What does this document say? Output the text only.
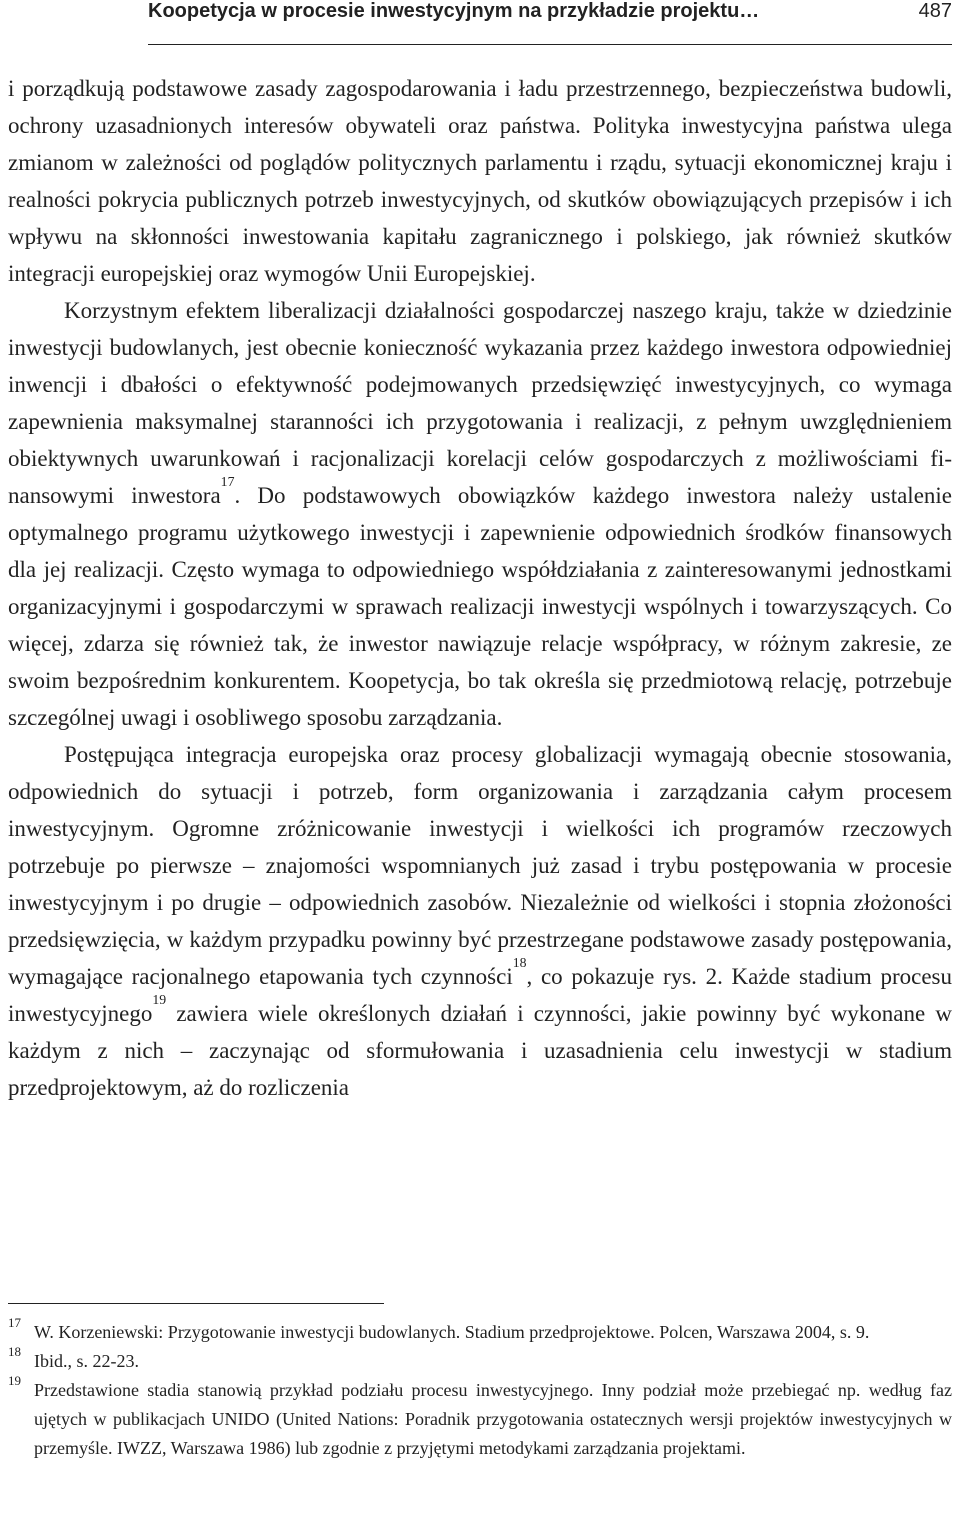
Koopetycja w procesie inwestycyjnym na przykładzie projektu…	487

i porządkują podstawowe zasady zagospodarowania i ładu przestrzennego, bezpieczeństwa budowli, ochrony uzasadnionych interesów obywateli oraz państwa. Polityka inwestycyjna państwa ulega zmianom w zależności od poglądów politycznych parlamentu i rządu, sytuacji ekonomicznej kraju i realności pokrycia publicznych potrzeb inwestycyjnych, od skutków obowiązujących przepisów i ich wpływu na skłonności inwestowania kapitału zagranicznego i polskiego, jak również skutków integracji europejskiej oraz wymogów Unii Europejskiej.

Korzystnym efektem liberalizacji działalności gospodarczej naszego kraju, także w dziedzinie inwestycji budowlanych, jest obecnie konieczność wykazania przez każdego inwestora odpowiedniej inwencji i dbałości o efektywność podejmowanych przedsięwzięć inwestycyjnych, co wymaga zapewnienia maksymalnej staranności ich przygotowania i realizacji, z pełnym uwzględnieniem obiektywnych uwarunkowań i racjonalizacji korelacji celów gospodarczych z możliwościami finansowymi inwestora$^{17}$. Do podstawowych obowiązków każdego inwestora należy ustalenie optymalnego programu użytkowego inwestycji i zapewnienie odpowiednich środków finansowych dla jej realizacji. Często wymaga to odpowiedniego współdziałania z zainteresowanymi jednostkami organizacyjnymi i gospodarczymi w sprawach realizacji inwestycji wspólnych i towarzyszących. Co więcej, zdarza się również tak, że inwestor nawiązuje relacje współpracy, w różnym zakresie, ze swoim bezpośrednim konkurentem. Koopetycja, bo tak określa się przedmiotową relację, potrzebuje szczególnej uwagi i osobliwego sposobu zarządzania.

Postępująca integracja europejska oraz procesy globalizacji wymagają obecnie stosowania, odpowiednich do sytuacji i potrzeb, form organizowania i zarządzania całym procesem inwestycyjnym. Ogromne zróżnicowanie inwestycji i wielkości ich programów rzeczowych potrzebuje po pierwsze – znajomości wspomnianych już zasad i trybu postępowania w procesie inwestycyjnym i po drugie – odpowiednich zasobów. Niezależnie od wielkości i stopnia złożoności przedsięwzięcia, w każdym przypadku powinny być przestrzegane podstawowe zasady postępowania, wymagające racjonalnego etapowania tych czynności$^{18}$, co pokazuje rys. 2. Każde stadium procesu inwestycyjnego$^{19}$ zawiera wiele określonych działań i czynności, jakie powinny być wykonane w każdym z nich – zaczynając od sformułowania i uzasadnienia celu inwestycji w stadium przedprojektowym, aż do rozliczenia

17 W. Korzeniewski: Przygotowanie inwestycji budowlanych. Stadium przedprojektowe. Polcen, Warszawa 2004, s. 9.
18 Ibid., s. 22-23.
19 Przedstawione stadia stanowią przykład podziału procesu inwestycyjnego. Inny podział może przebiegać np. według faz ujętych w publikacjach UNIDO (United Nations: Poradnik przygotowania ostatecznych wersji projektów inwestycyjnych w przemyśle. IWZZ, Warszawa 1986) lub zgodnie z przyjętymi metodykami zarządzania projektami.
